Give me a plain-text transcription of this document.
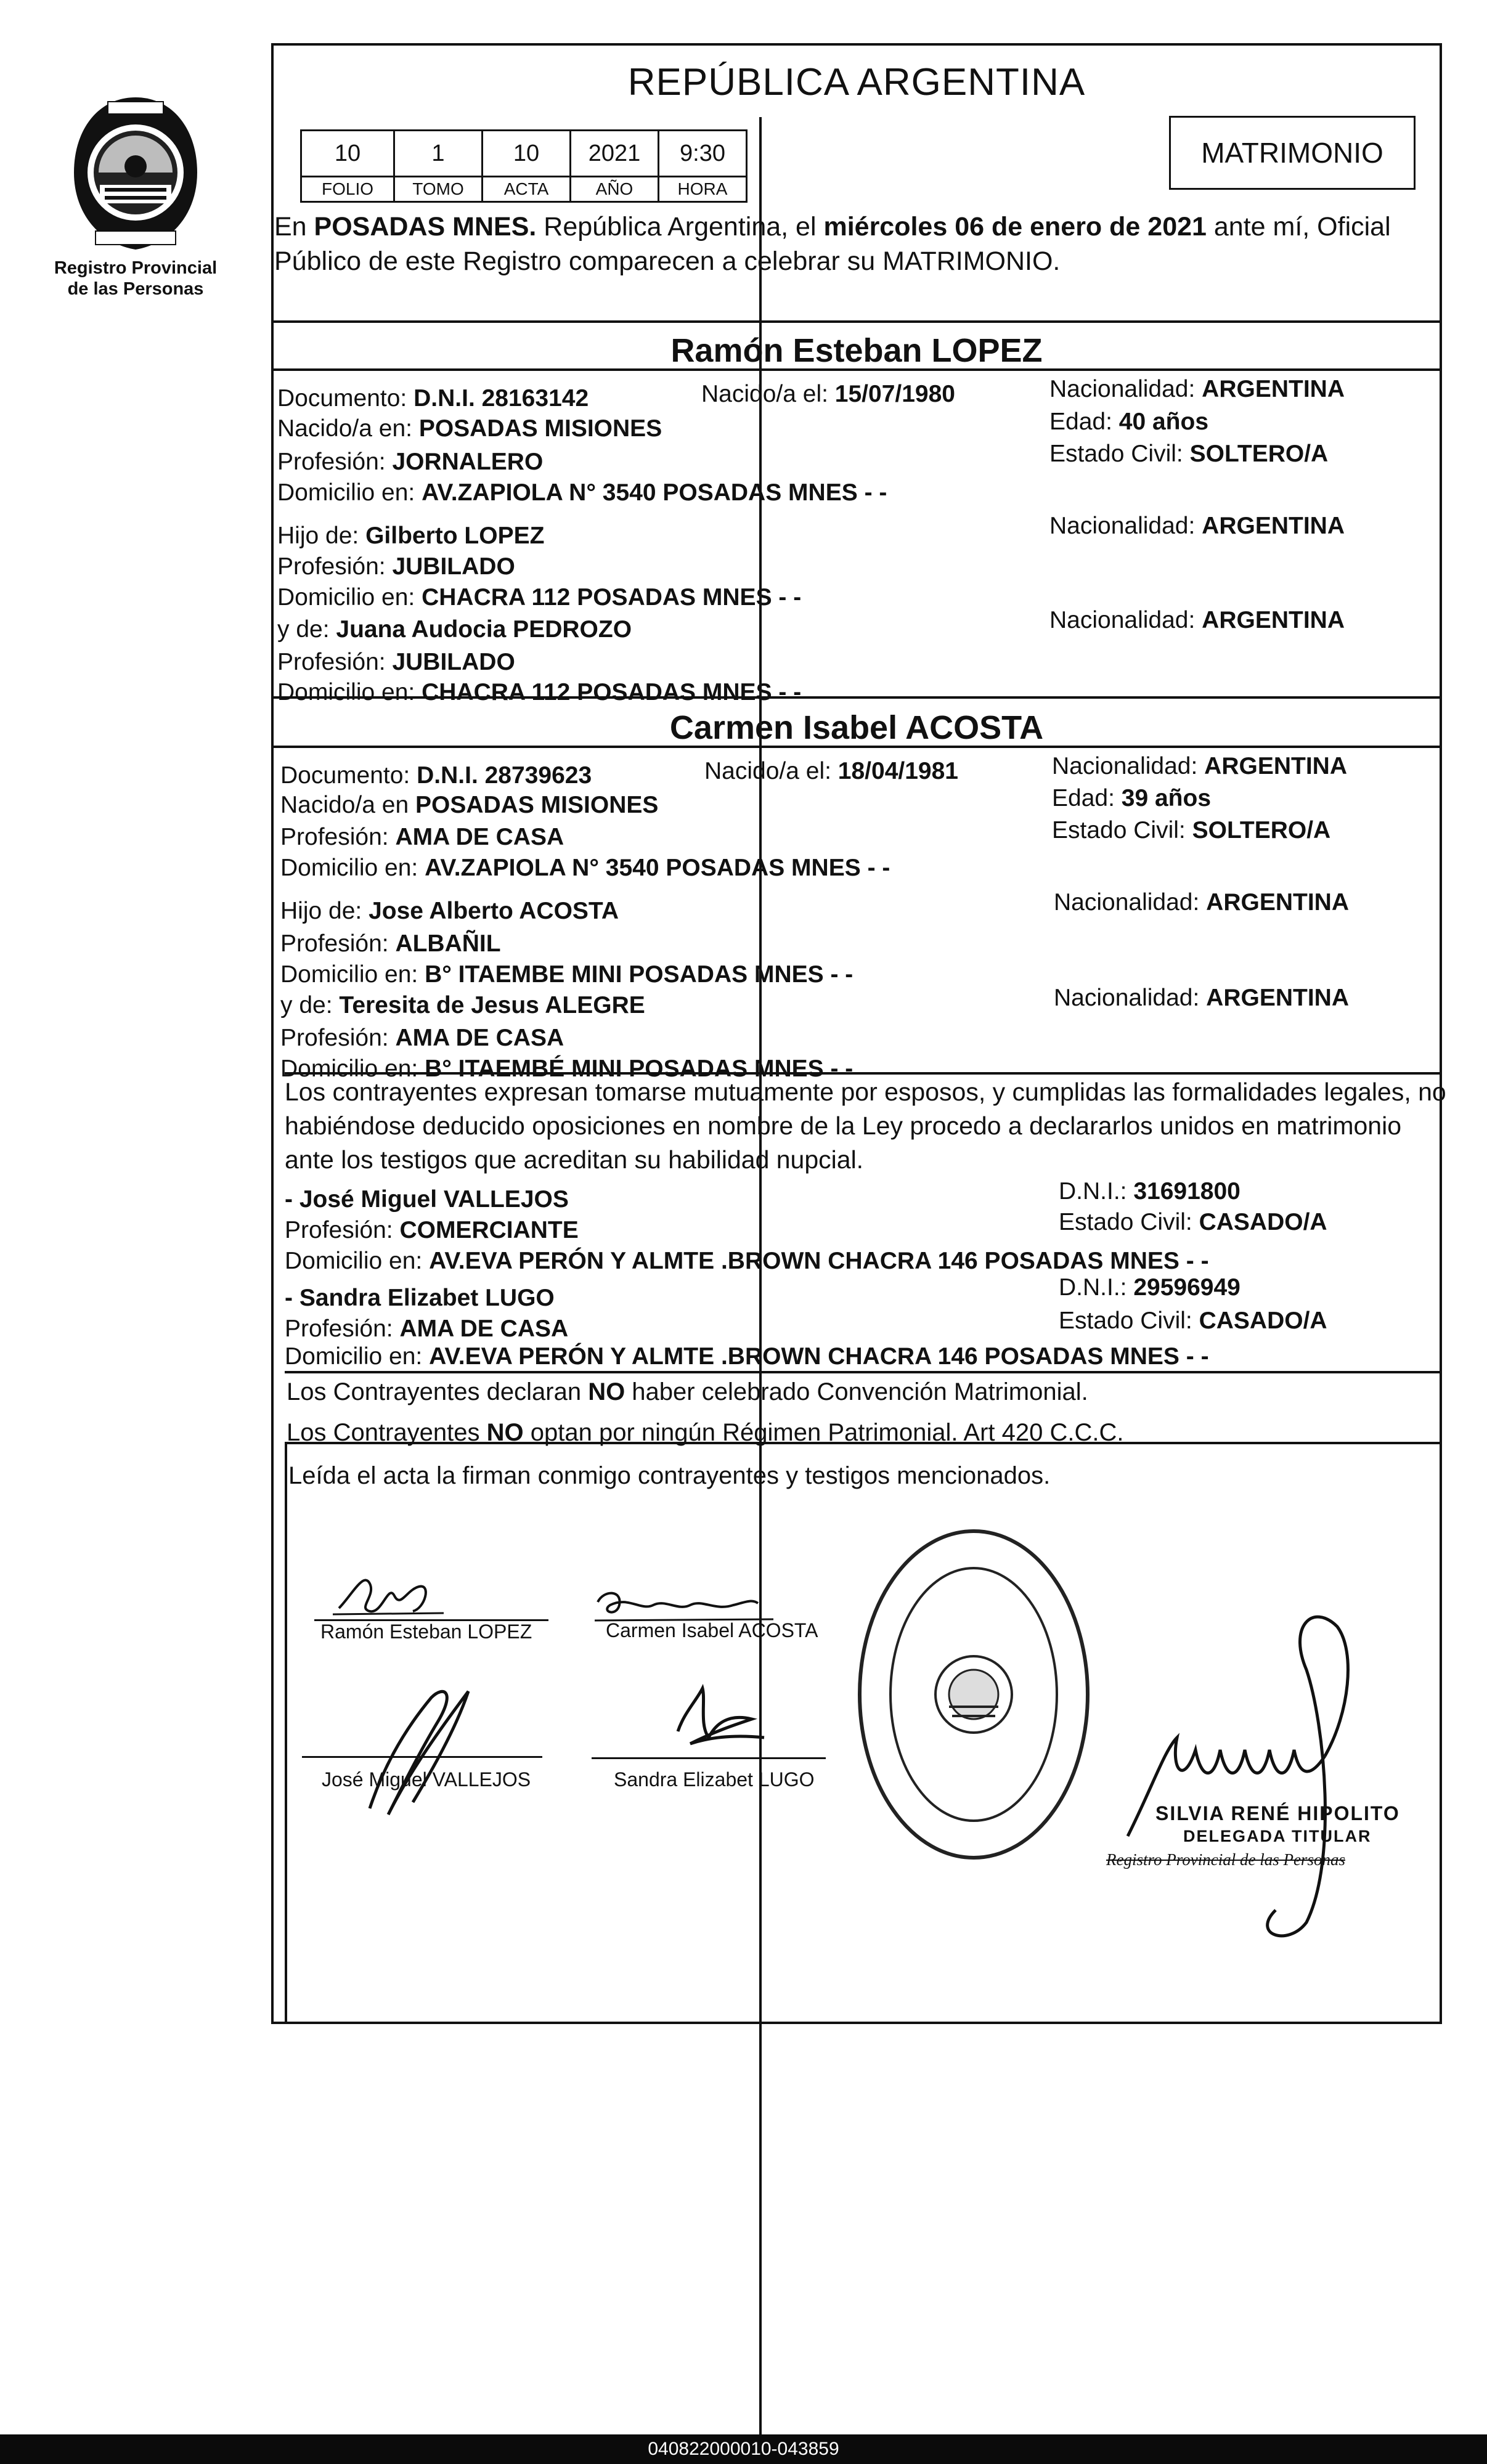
Registro Provincial
de las Personas
REPÚBLICA ARGENTINA
10	1	10	2021	9:30
FOLIO	TOMO	ACTA	AÑO	HORA
MATRIMONIO
En POSADAS MNES. República Argentina, el miércoles 06 de enero de 2021 ante mí, Oficial Público de este Registro comparecen a celebrar su MATRIMONIO.
Ramón Esteban LOPEZ
Documento: D.N.I. 28163142	Nacido/a el: 15/07/1980	Nacionalidad: ARGENTINA
Nacido/a en: POSADAS MISIONES	Edad: 40 años
Profesión: JORNALERO	Estado Civil: SOLTERO/A
Domicilio en: AV.ZAPIOLA N° 3540 POSADAS MNES - -
Hijo de: Gilberto LOPEZ	Nacionalidad: ARGENTINA
Profesión: JUBILADO
Domicilio en: CHACRA 112 POSADAS MNES - -
y de: Juana Audocia PEDROZO	Nacionalidad: ARGENTINA
Profesión: JUBILADO
Domicilio en: CHACRA 112 POSADAS MNES - -
Carmen Isabel ACOSTA
Documento: D.N.I. 28739623	Nacido/a el: 18/04/1981	Nacionalidad: ARGENTINA
Nacido/a en POSADAS MISIONES	Edad: 39 años
Profesión: AMA DE CASA	Estado Civil: SOLTERO/A
Domicilio en: AV.ZAPIOLA N° 3540 POSADAS MNES - -
Hijo de: Jose Alberto ACOSTA	Nacionalidad: ARGENTINA
Profesión: ALBAÑIL
Domicilio en: B° ITAEMBE MINI POSADAS MNES - -
y de: Teresita de Jesus ALEGRE	Nacionalidad: ARGENTINA
Profesión: AMA DE CASA
Domicilio en: B° ITAEMBÉ MINI POSADAS MNES - -
Los contrayentes expresan tomarse mutuamente por esposos, y cumplidas las formalidades legales, no habiéndose deducido oposiciones en nombre de la Ley procedo a declararlos unidos en matrimonio ante los testigos que acreditan su habilidad nupcial.
- José Miguel VALLEJOS	D.N.I.: 31691800
Profesión: COMERCIANTE	Estado Civil: CASADO/A
Domicilio en: AV.EVA PERÓN Y ALMTE .BROWN CHACRA 146 POSADAS MNES - -
- Sandra Elizabet LUGO	D.N.I.: 29596949
Profesión: AMA DE CASA	Estado Civil: CASADO/A
Domicilio en: AV.EVA PERÓN Y ALMTE .BROWN CHACRA 146 POSADAS MNES - -
Los Contrayentes declaran NO haber celebrado Convención Matrimonial.
Los Contrayentes NO optan por ningún Régimen Patrimonial. Art 420 C.C.C.
Leída el acta la firman conmigo contrayentes y testigos mencionados.
Ramón Esteban LOPEZ	Carmen Isabel ACOSTA
José Miguel VALLEJOS	Sandra Elizabet LUGO
SILVIA RENÉ HIPOLITO
DELEGADA TITULAR
Registro Provincial de las Personas
040822000010-043859
